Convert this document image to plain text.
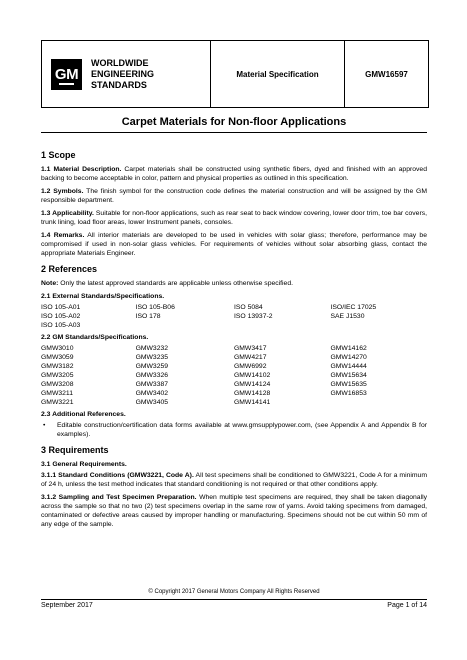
GM
WORLDWIDE
ENGINEERING
STANDARDS
Material Specification	GMW16597
Carpet Materials for Non-floor Applications
1 Scope

1.1 Material Description. Carpet materials shall be constructed using synthetic fibers, dyed and finished with an approved backing to become acceptable in color, pattern and physical properties as outlined in this specification.

1.2 Symbols. The finish symbol for the construction code defines the material construction and will be assigned by the GM responsible department.

1.3 Applicability. Suitable for non-floor applications, such as rear seat to back window covering, lower door trim, toe bar covers, trunk lining, load floor areas, lower Instrument panels, consoles.

1.4 Remarks. All interior materials are developed to be used in vehicles with solar glass; therefore, performance may be compromised if used in non-solar glass vehicles. For requirements of vehicles without solar absorbing glass, contact the appropriate Materials Engineer.

2 References

Note: Only the latest approved standards are applicable unless otherwise specified.

2.1 External Standards/Specifications.
ISO 105-A01	ISO 105-B06	ISO 5084	ISO/IEC 17025
ISO 105-A02	ISO 178	ISO 13937-2	SAE J1530
ISO 105-A03
2.2 GM Standards/Specifications.
GMW3010	GMW3232	GMW3417	GMW14162
GMW3059	GMW3235	GMW4217	GMW14270
GMW3182	GMW3259	GMW6992	GMW14444
GMW3205	GMW3326	GMW14102	GMW15634
GMW3208	GMW3387	GMW14124	GMW15635
GMW3211	GMW3402	GMW14128	GMW16853
GMW3221	GMW3405	GMW14141
2.3 Additional References.
•	Editable construction/certification data forms available at www.gmsupplypower.com, (see Appendix A and Appendix B for examples).
3 Requirements
3.1 General Requirements.

3.1.1 Standard Conditions (GMW3221, Code A). All test specimens shall be conditioned to GMW3221, Code A for a minimum of 24 h, unless the test method indicates that standard conditioning is not required or that other conditions apply.

3.1.2 Sampling and Test Specimen Preparation. When multiple test specimens are required, they shall be taken diagonally across the sample so that no two (2) test specimens overlap in the same row of yarns. Avoid taking specimens from damaged, contaminated or defective areas caused by improper handling or manufacturing. Specimens should not be cut within 50 mm of any edge of the sample.

© Copyright 2017 General Motors Company All Rights Reserved
September 2017	Page 1 of 14
